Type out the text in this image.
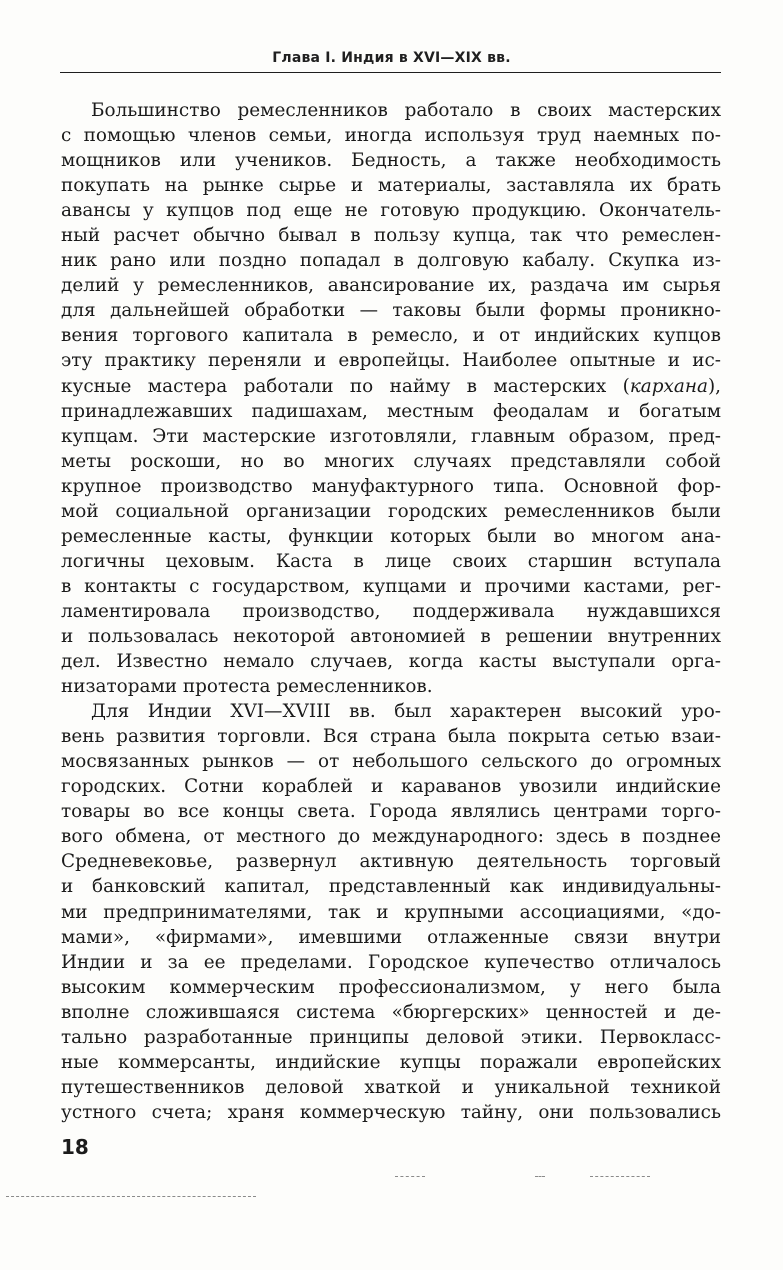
Глава I. Индия в XVI—XIX вв.
Большинство ремесленников работало в своих мастерских
с помощью членов семьи, иногда используя труд наемных по-
мощников или учеников. Бедность, а также необходимость
покупать на рынке сырье и материалы, заставляла их брать
авансы у купцов под еще не готовую продукцию. Окончатель-
ный расчет обычно бывал в пользу купца, так что ремеслен-
ник рано или поздно попадал в долговую кабалу. Скупка из-
делий у ремесленников, авансирование их, раздача им сырья
для дальнейшей обработки — таковы были формы проникно-
вения торгового капитала в ремесло, и от индийских купцов
эту практику переняли и европейцы. Наиболее опытные и ис-
кусные мастера работали по найму в мастерских (кархана),
принадлежавших падишахам, местным феодалам и богатым
купцам. Эти мастерские изготовляли, главным образом, пред-
меты роскоши, но во многих случаях представляли собой
крупное производство мануфактурного типа. Основной фор-
мой социальной организации городских ремесленников были
ремесленные касты, функции которых были во многом ана-
логичны цеховым. Каста в лице своих старшин вступала
в контакты с государством, купцами и прочими кастами, рег-
ламентировала производство, поддерживала нуждавшихся
и пользовалась некоторой автономией в решении внутренних
дел. Известно немало случаев, когда касты выступали орга-
низаторами протеста ремесленников.
Для Индии XVI—XVIII вв. был характерен высокий уро-
вень развития торговли. Вся страна была покрыта сетью взаи-
мосвязанных рынков — от небольшого сельского до огромных
городских. Сотни кораблей и караванов увозили индийские
товары во все концы света. Города являлись центрами торго-
вого обмена, от местного до международного: здесь в позднее
Средневековье, развернул активную деятельность торговый
и банковский капитал, представленный как индивидуальны-
ми предпринимателями, так и крупными ассоциациями, «до-
мами», «фирмами», имевшими отлаженные связи внутри
Индии и за ее пределами. Городское купечество отличалось
высоким коммерческим профессионализмом, у него была
вполне сложившаяся система «бюргерских» ценностей и де-
тально разработанные принципы деловой этики. Первокласс-
ные коммерсанты, индийские купцы поражали европейских
путешественников деловой хваткой и уникальной техникой
устного счета; храня коммерческую тайну, они пользовались
18
